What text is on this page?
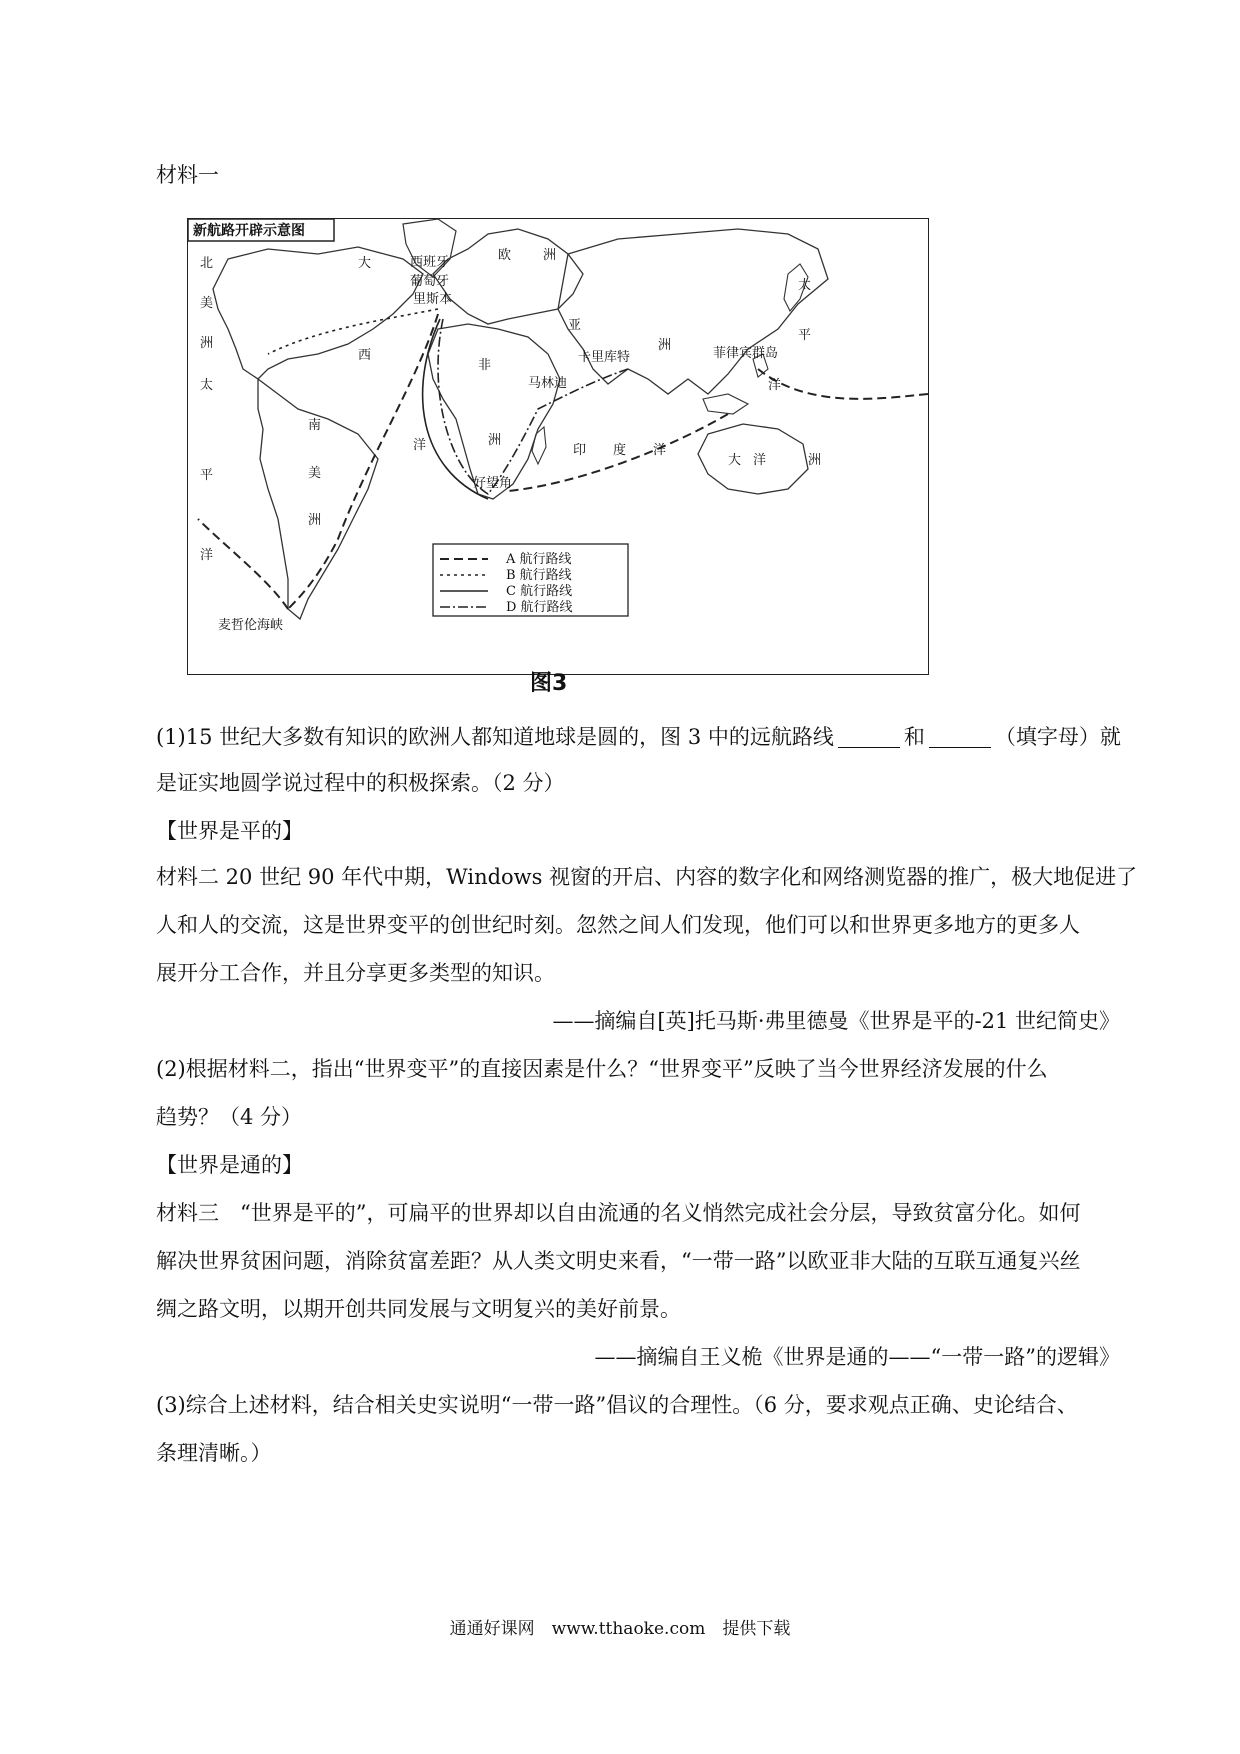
材料一
新航路开辟示意图
北
美
洲
太
平
洋
大
西
洋
欧 洲
亚
洲
非
洲
南
美
洲
印 度 洋
太
平
洋
大 洋	洲
西班牙
葡萄牙
里斯本
卡里库特
马林迪
菲律宾群岛
好望角
麦哲伦海峡
A 航行路线
B 航行路线
C 航行路线
D 航行路线
图3
(1)15 世纪大多数有知识的欧洲人都知道地球是圆的，图 3 中的远航路线	和	（填字母）就
是证实地圆学说过程中的积极探索。（2 分）
【世界是平的】
材料二 20 世纪 90 年代中期，Windows 视窗的开启、内容的数字化和网络测览器的推广，极大地促进了
人和人的交流，这是世界变平的创世纪时刻。忽然之间人们发现，他们可以和世界更多地方的更多人
展开分工合作，并且分享更多类型的知识。
——摘编自[英]托马斯·弗里德曼《世界是平的-21 世纪简史》
(2)根据材料二，指出“世界变平”的直接因素是什么？“世界变平”反映了当今世界经济发展的什么
趋势？（4 分）
【世界是通的】
材料三　“世界是平的”，可扁平的世界却以自由流通的名义悄然完成社会分层，导致贫富分化。如何
解决世界贫困问题，消除贫富差距？从人类文明史来看，“一带一路”以欧亚非大陆的互联互通复兴丝
绸之路文明，以期开创共同发展与文明复兴的美好前景。
——摘编自王义桅《世界是通的——“一带一路”的逻辑》
(3)综合上述材料，结合相关史实说明“一带一路”倡议的合理性。（6 分，要求观点正确、史论结合、
条理清晰。）
通通好课网　www.tthaoke.com　提供下载
